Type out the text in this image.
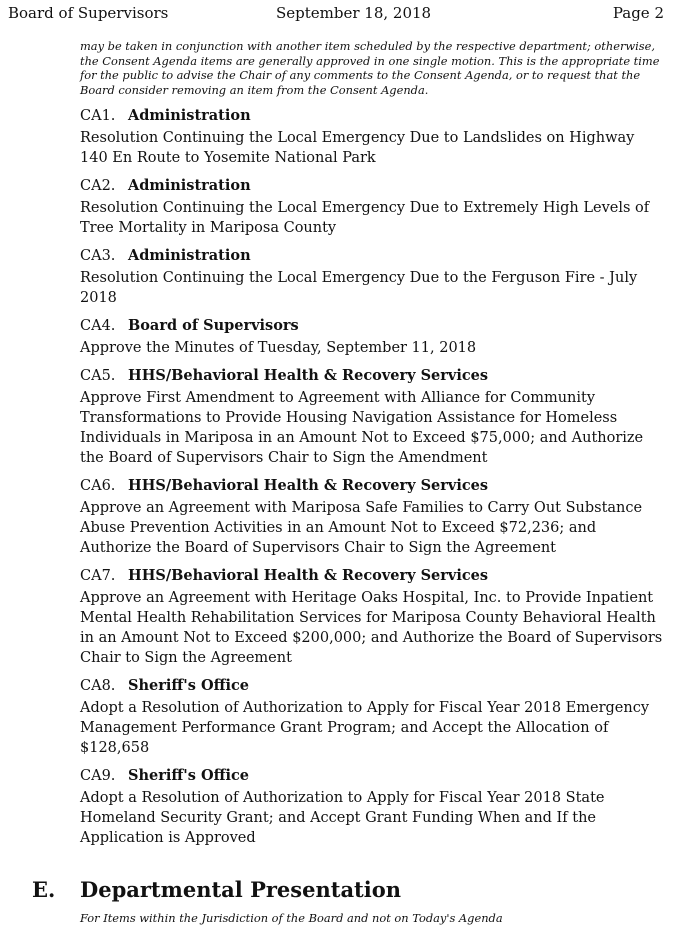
Board of Supervisors	September 18, 2018	Page 2
may be taken in conjunction with another item scheduled by the respective department; otherwise, the Consent Agenda items are generally approved in one single motion. This is the appropriate time for the public to advise the Chair of any comments to the Consent Agenda, or to request that the Board consider removing an item from the Consent Agenda.
CA1. Administration
Resolution Continuing the Local Emergency Due to Landslides on Highway 140 En Route to Yosemite National Park
CA2. Administration
Resolution Continuing the Local Emergency Due to Extremely High Levels of Tree Mortality in Mariposa County
CA3. Administration
Resolution Continuing the Local Emergency Due to the Ferguson Fire - July 2018
CA4. Board of Supervisors
Approve the Minutes of Tuesday, September 11, 2018
CA5. HHS/Behavioral Health & Recovery Services
Approve First Amendment to Agreement with Alliance for Community Transformations to Provide Housing Navigation Assistance for Homeless Individuals in Mariposa in an Amount Not to Exceed $75,000; and Authorize the Board of Supervisors Chair to Sign the Amendment
CA6. HHS/Behavioral Health & Recovery Services
Approve an Agreement with Mariposa Safe Families to Carry Out Substance Abuse Prevention Activities in an Amount Not to Exceed $72,236; and Authorize the Board of Supervisors Chair to Sign the Agreement
CA7. HHS/Behavioral Health & Recovery Services
Approve an Agreement with Heritage Oaks Hospital, Inc. to Provide Inpatient Mental Health Rehabilitation Services for Mariposa County Behavioral Health in an Amount Not to Exceed $200,000; and Authorize the Board of Supervisors Chair to Sign the Agreement
CA8. Sheriff's Office
Adopt a Resolution of Authorization to Apply for Fiscal Year 2018 Emergency Management Performance Grant Program; and Accept the Allocation of $128,658
CA9. Sheriff's Office
Adopt a Resolution of Authorization to Apply for Fiscal Year 2018 State Homeland Security Grant; and Accept Grant Funding When and If the Application is Approved
E. Departmental Presentation
For Items within the Jurisdiction of the Board and not on Today's Agenda
